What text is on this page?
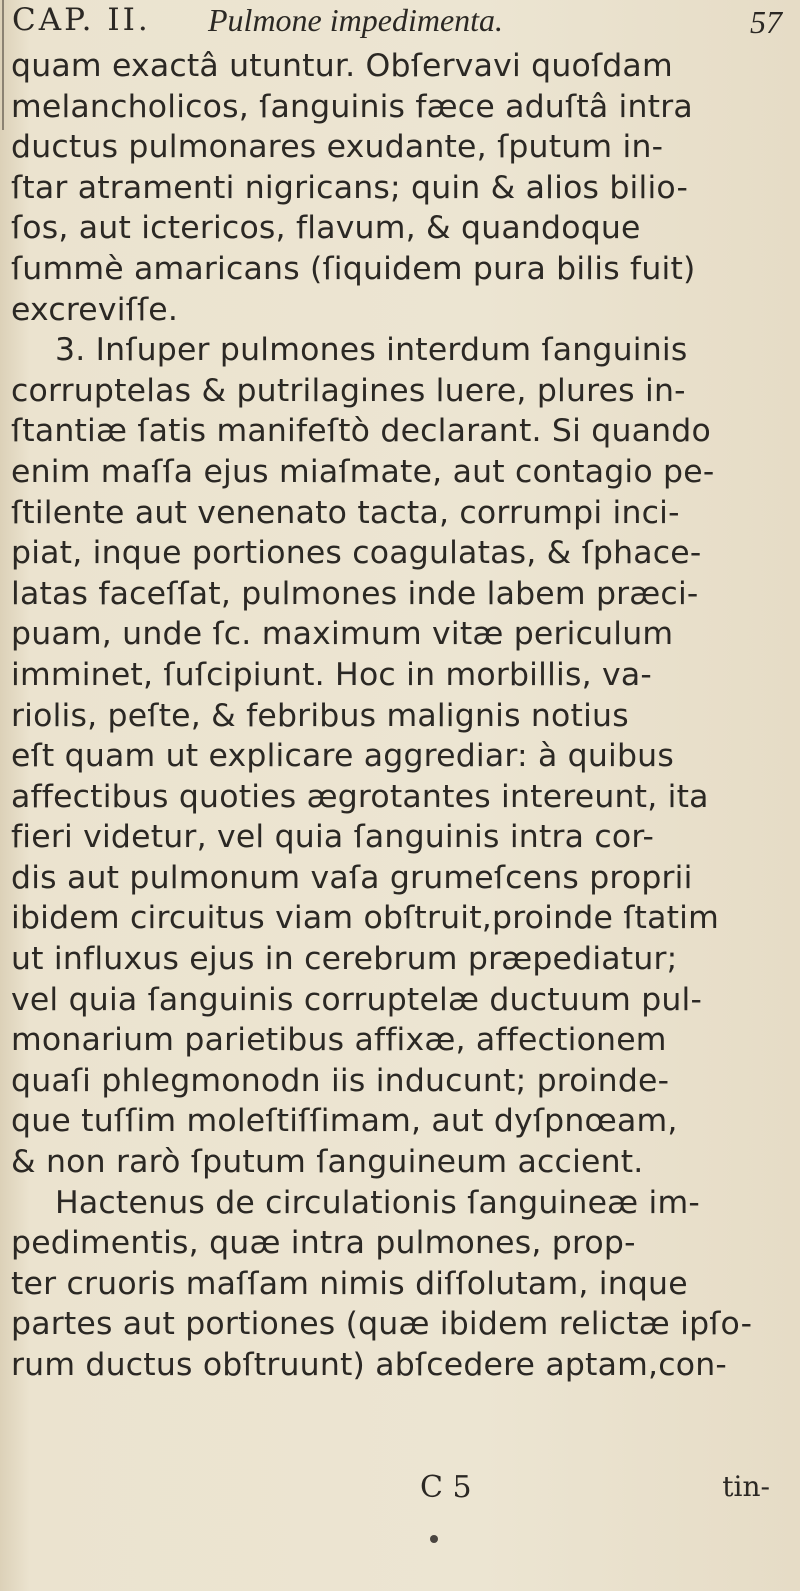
CAP. II. Pulmone impedimenta.	57
quam exactâ utuntur. Obſervavi quoſdam
melancholicos, ſanguinis fæce aduſtâ intra
ductus pulmonares exudante, ſputum in-
ſtar atramenti nigricans; quin & alios bilio-
ſos, aut ictericos, flavum, & quandoque
ſummè amaricans (ſiquidem pura bilis fuit)
excreviſſe.
3. Inſuper pulmones interdum ſanguinis
corruptelas & putrilagines luere, plures in-
ſtantiæ ſatis manifeſtò declarant. Si quando
enim maſſa ejus miaſmate, aut contagio pe-
ſtilente aut venenato tacta, corrumpi inci-
piat, inque portiones coagulatas, & ſphace-
latas faceſſat, pulmones inde labem præci-
puam, unde ſc. maximum vitæ periculum
imminet, ſuſcipiunt. Hoc in morbillis, va-
riolis, peſte, & febribus malignis notius
eſt quam ut explicare aggrediar: à quibus
affectibus quoties ægrotantes intereunt, ita
fieri videtur, vel quia ſanguinis intra cor-
dis aut pulmonum vaſa grumeſcens proprii
ibidem circuitus viam obſtruit,proinde ſtatim
ut influxus ejus in cerebrum præpediatur;
vel quia ſanguinis corruptelæ ductuum pul-
monarium parietibus affixæ, affectionem
quaſi phlegmonodn iis inducunt; proinde-
que tuſſim moleſtiſſimam, aut dyſpnœam,
& non rarò ſputum ſanguineum accient.
Hactenus de circulationis ſanguineæ im-
pedimentis, quæ intra pulmones, prop-
ter cruoris maſſam nimis diſſolutam, inque
partes aut portiones (quæ ibidem relictæ ipſo-
rum ductus obſtruunt) abſcedere aptam,con-
C 5	tin-
